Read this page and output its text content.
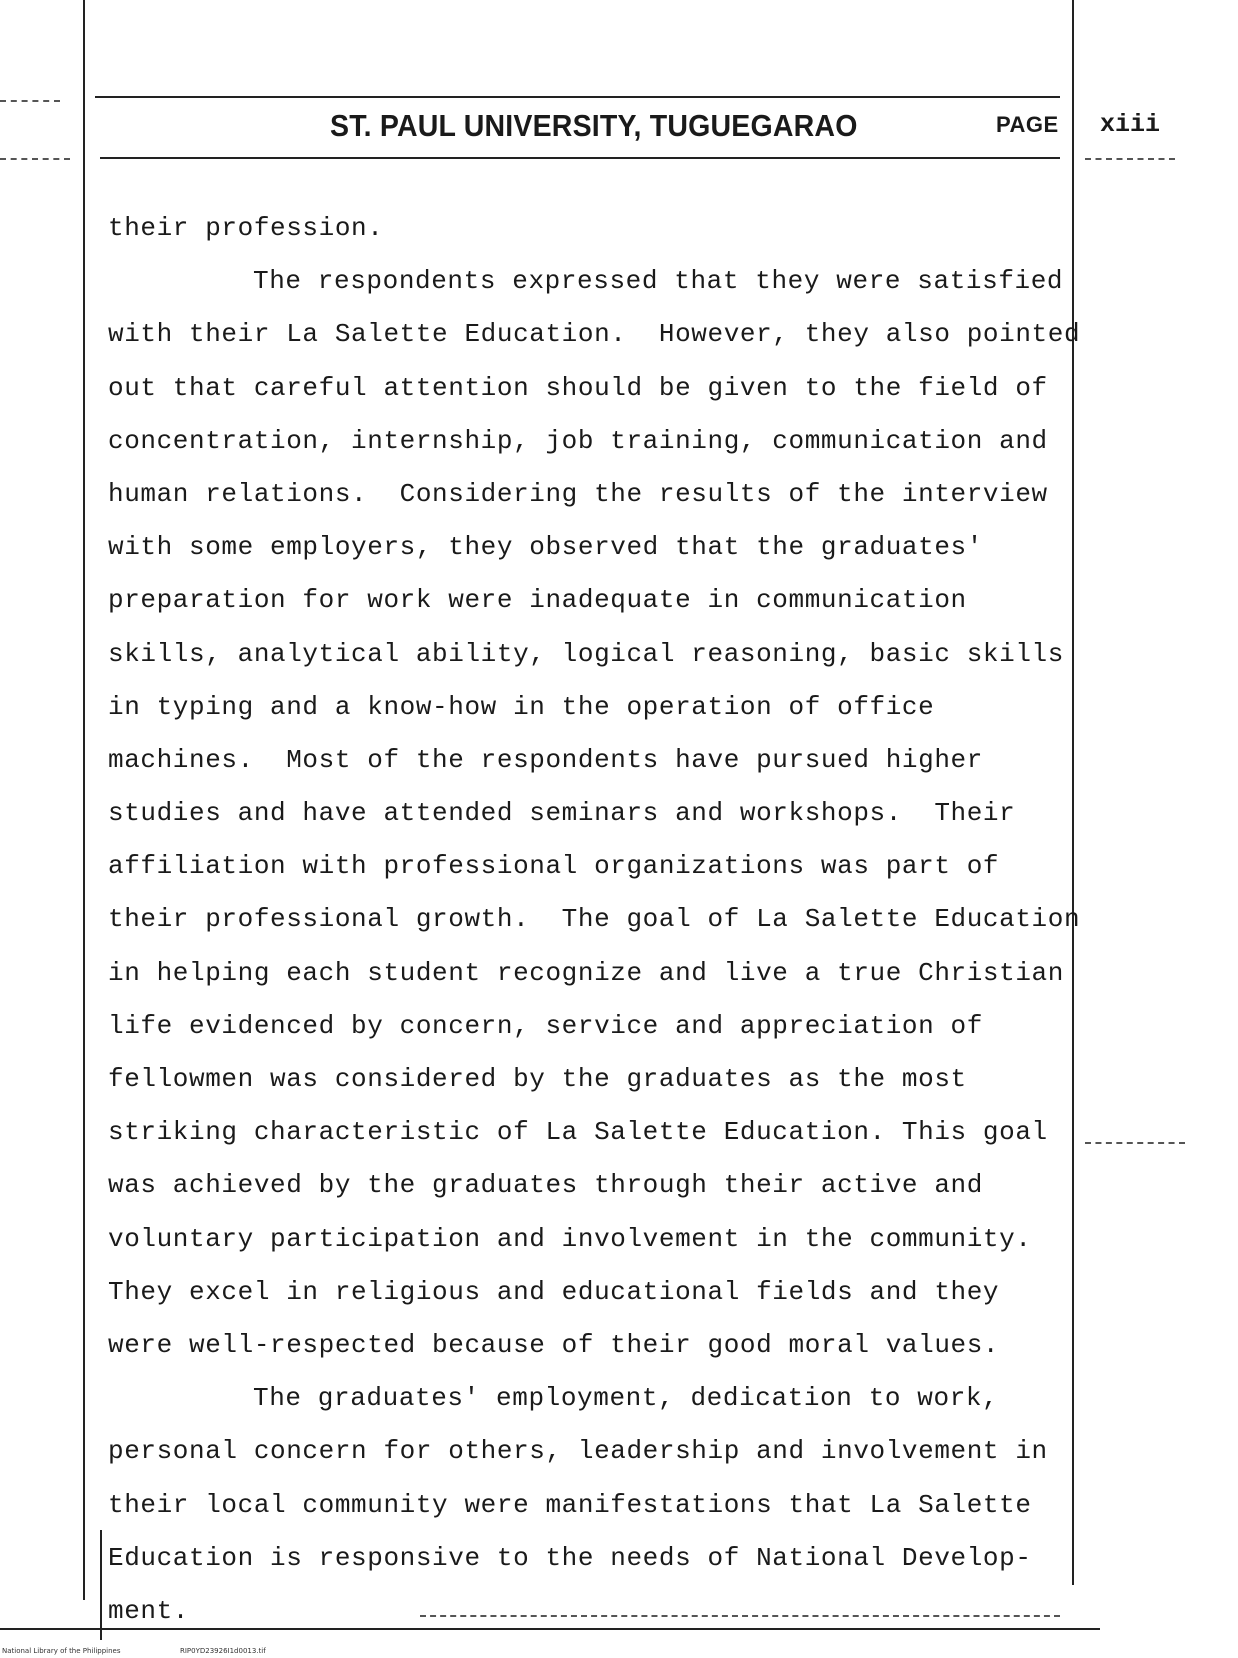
ST. PAUL UNIVERSITY, TUGUEGARAO	PAGE xiii
their profession.
The respondents expressed that they were satisfied
with their La Salette Education.  However, they also pointed
out that careful attention should be given to the field of
concentration, internship, job training, communication and
human relations.  Considering the results of the interview
with some employers, they observed that the graduates'
preparation for work were inadequate in communication
skills, analytical ability, logical reasoning, basic skills
in typing and a know-how in the operation of office
machines.  Most of the respondents have pursued higher
studies and have attended seminars and workshops.  Their
affiliation with professional organizations was part of
their professional growth.  The goal of La Salette Education
in helping each student recognize and live a true Christian
life evidenced by concern, service and appreciation of
fellowmen was considered by the graduates as the most
striking characteristic of La Salette Education. This goal
was achieved by the graduates through their active and
voluntary participation and involvement in the community.
They excel in religious and educational fields and they
were well-respected because of their good moral values.
The graduates' employment, dedication to work,
personal concern for others, leadership and involvement in
their local community were manifestations that La Salette
Education is responsive to the needs of National Develop-
ment.
National Library of the Philippines	RIP0YD23926I1d0013.tif
